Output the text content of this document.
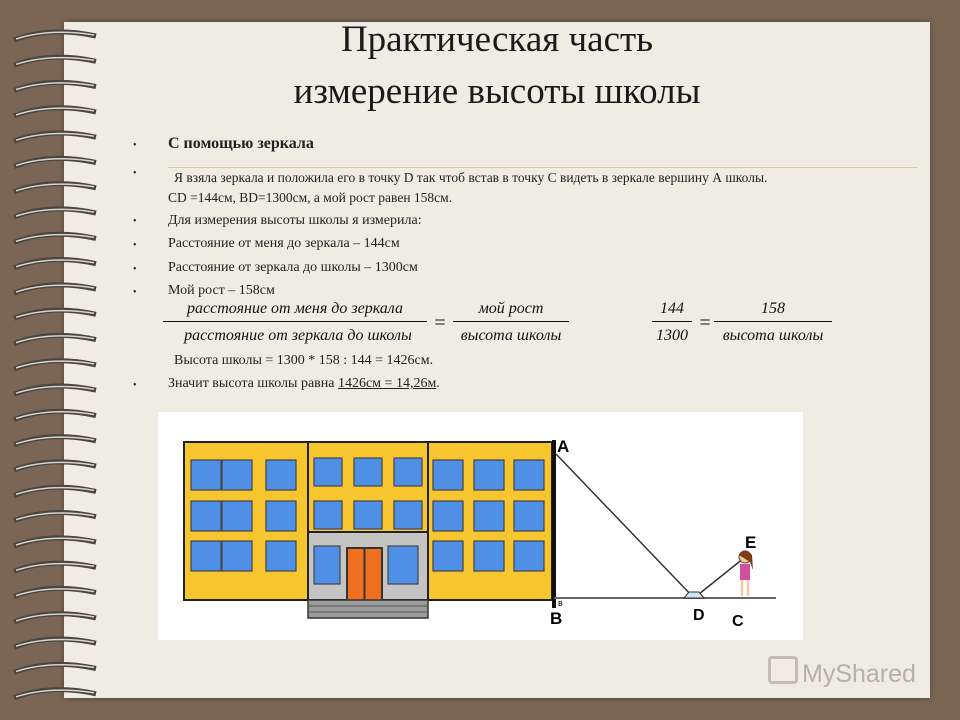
Практическая часть
измерение высоты школы
• С помощью зеркала
•	Я взяла зеркала и положила его в точку D так чтоб встав в точку С видеть в зеркале вершину А школы.
CD =144см, BD=1300см, а мой рост равен 158см.
• Для измерения высоты школы я измерила:
• Расстояние от меня до зеркала – 144см
• Расстояние от зеркала до школы – 1300см
• Мой рост – 158см
расстояние от меня до зеркала
расстояние от зеркала до школы
=
мой рост
высота школы
144
1300
=
158
высота школы
Высота школы = 1300 * 158 : 144 = 1426см.
• Значит высота школы равна 1426см = 14,26м.
A
в
B	D C
E
MyShared
